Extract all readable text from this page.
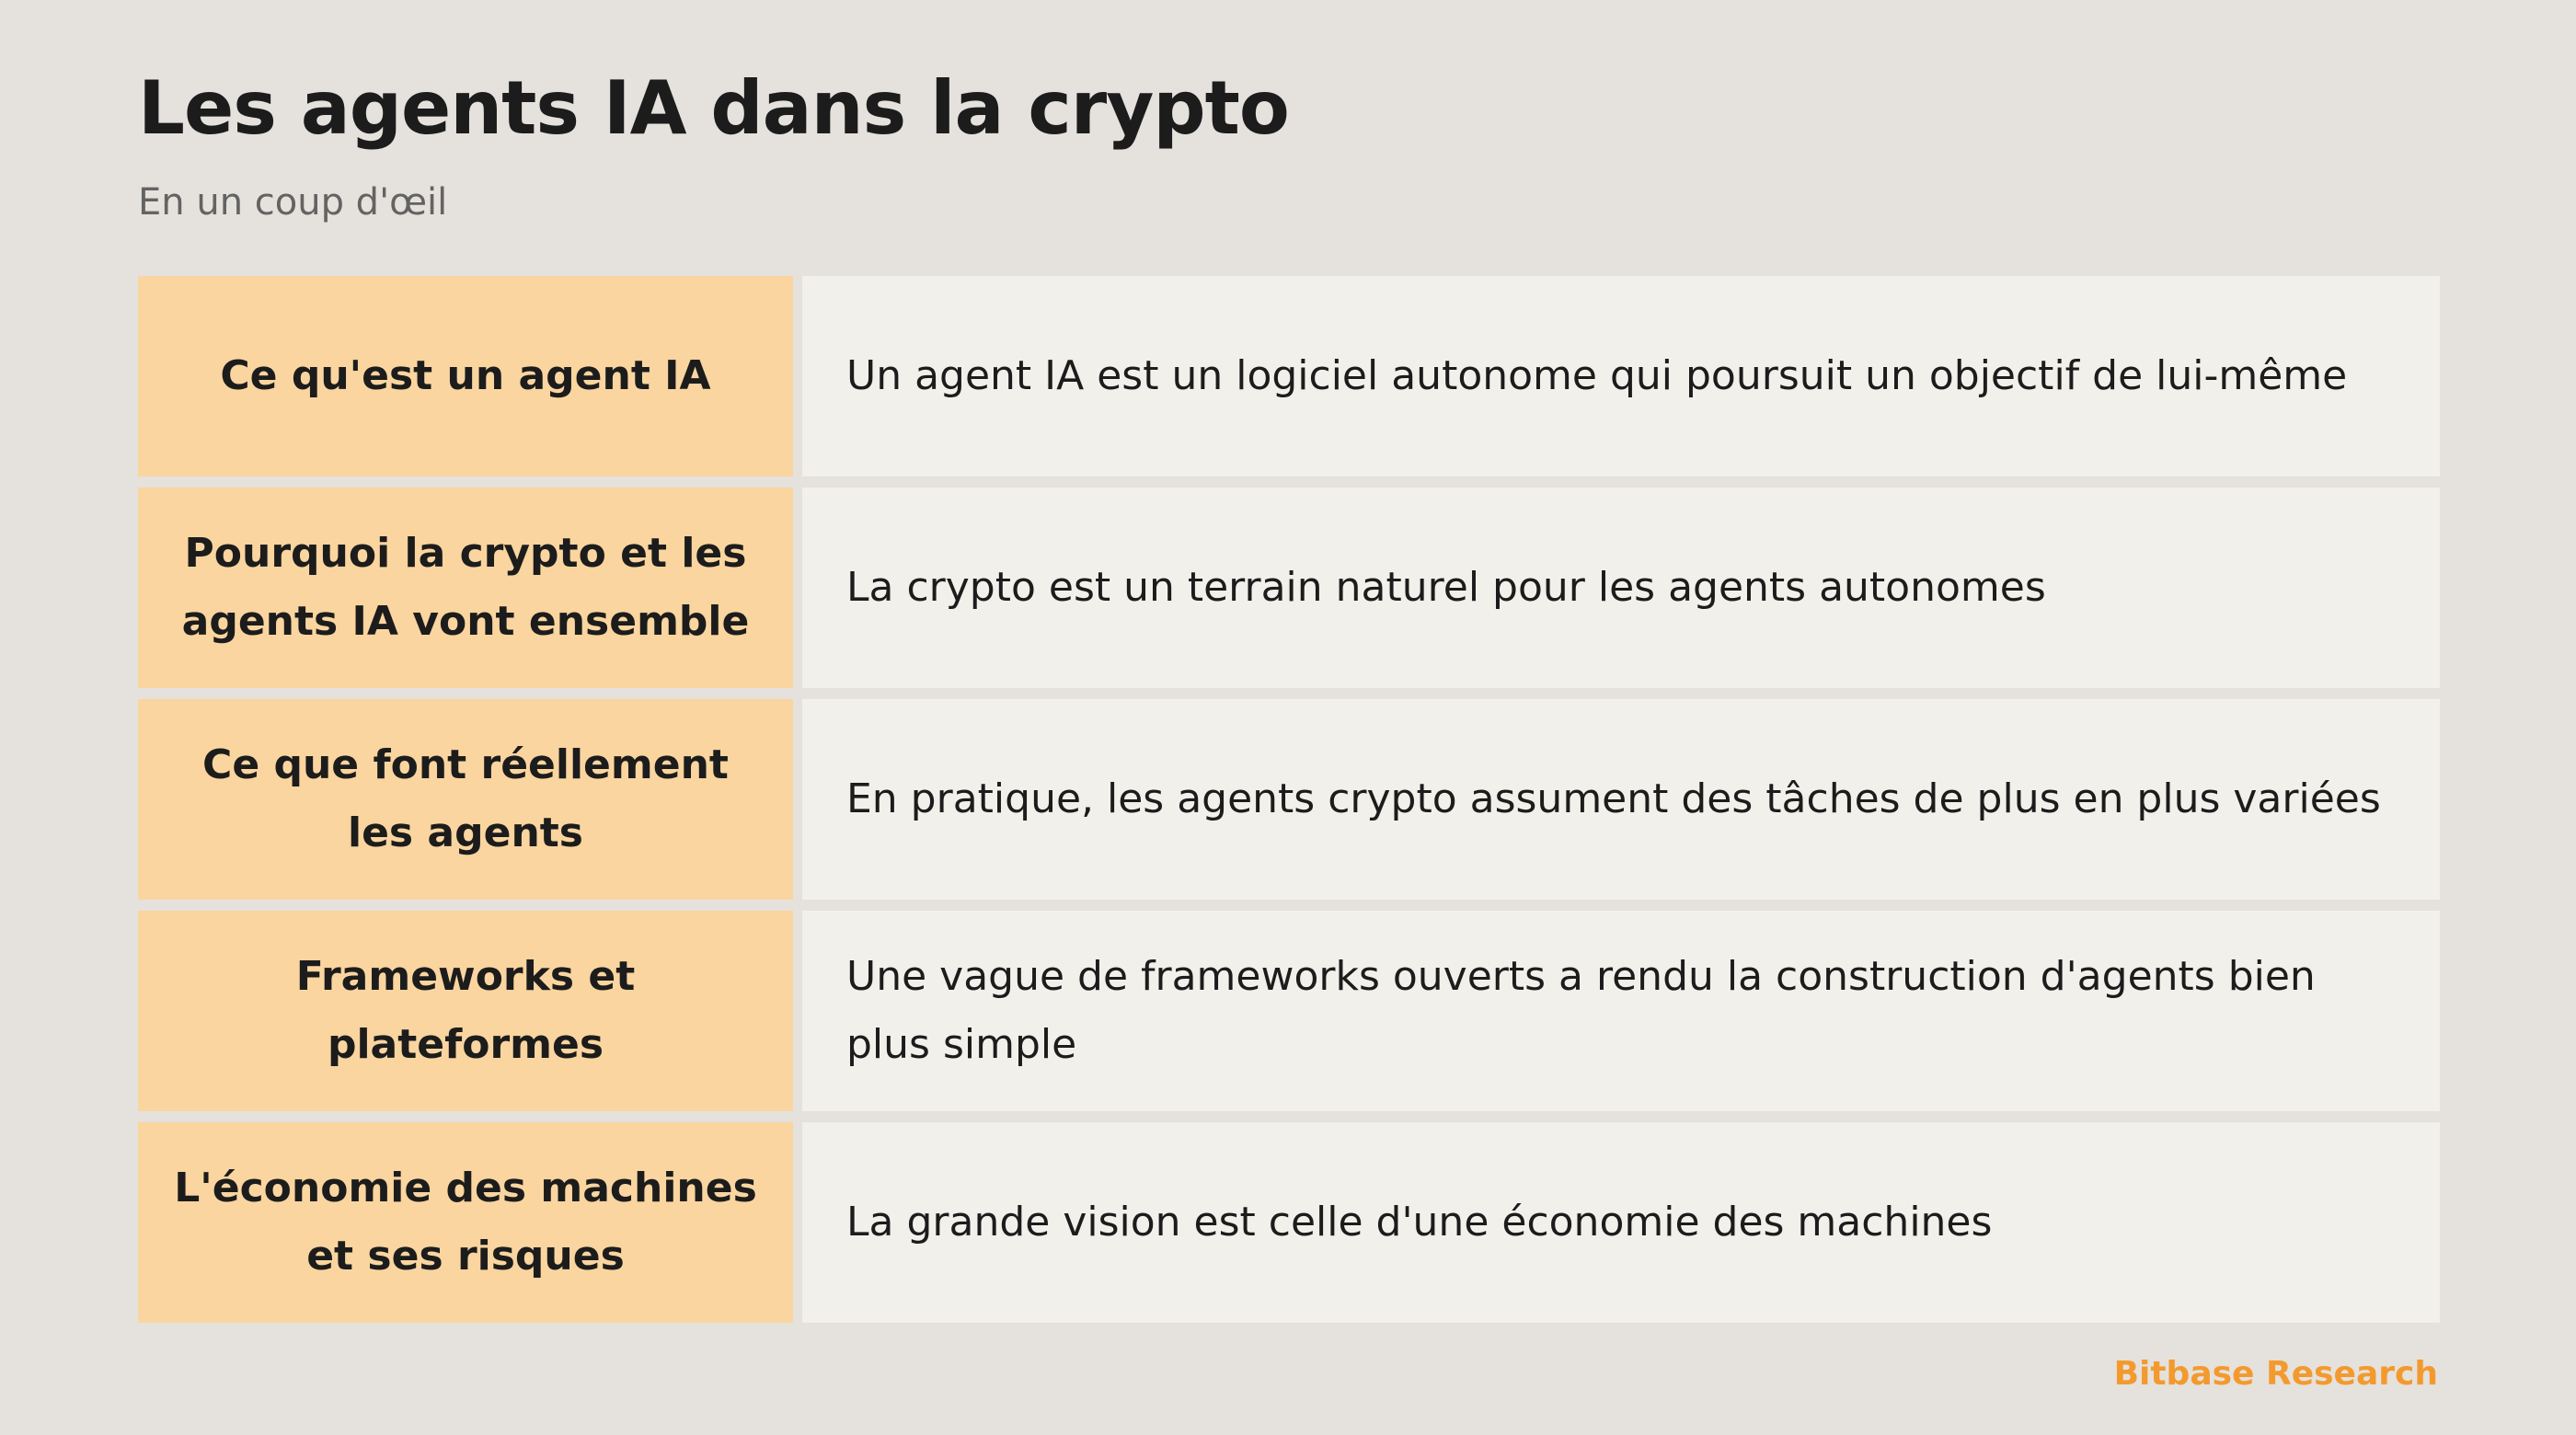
Les agents IA dans la crypto

En un coup d'œil

Ce qu'est un agent IA	Un agent IA est un logiciel autonome qui poursuit un objectif de lui-même
Pourquoi la crypto et les agents IA vont ensemble
La crypto est un terrain naturel pour les agents autonomes
Ce que font réellement les agents
En pratique, les agents crypto assument des tâches de plus en plus variées
Frameworks et plateformes
Une vague de frameworks ouverts a rendu la construction d'agents bien plus simple
L'économie des machines et ses risques
La grande vision est celle d'une économie des machines

Bitbase Research
